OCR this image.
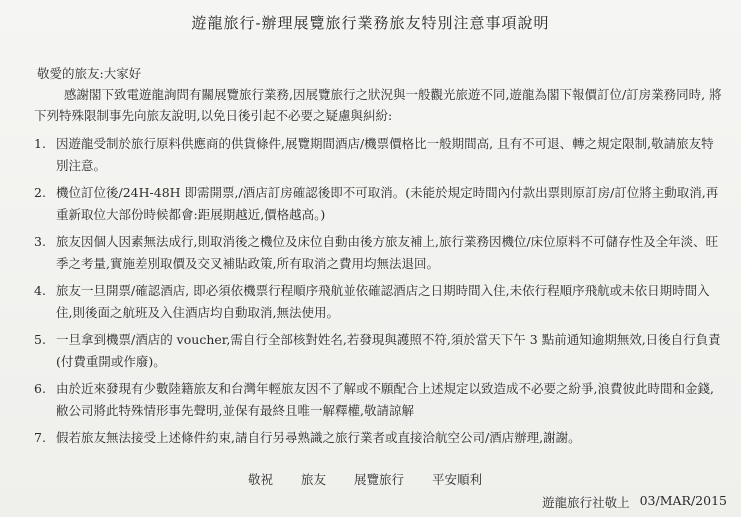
遊龍旅行-辦理展覽旅行業務旅友特別注意事項說明
敬愛的旅友:大家好
感謝閣下致電遊龍詢問有關展覽旅行業務,因展覽旅行之狀況與一般觀光旅遊不同,遊龍為閣下報價訂位/訂房業務同時, 將下列特殊限制事先向旅友說明,以免日後引起不必要之疑慮與糾紛:
1. 因遊龍受制於旅行原料供應商的供貨條件,展覽期間酒店/機票價格比一般期間高, 且有不可退、轉之規定限制,敬請旅友特別注意。
2. 機位訂位後/24H-48H 即需開票,/酒店訂房確認後即不可取消。(未能於規定時間內付款出票則原訂房/訂位將主動取消,再重新取位大部份時候都會:距展期越近,價格越高。)
3. 旅友因個人因素無法成行,則取消後之機位及床位自動由後方旅友補上,旅行業務因機位/床位原料不可儲存性及全年淡、旺季之考量,實施差別取價及交叉補貼政策,所有取消之費用均無法退回。
4. 旅友一旦開票/確認酒店, 即必須依機票行程順序飛航並依確認酒店之日期時間入住,未依行程順序飛航或未依日期時間入住,則後面之航班及入住酒店均自動取消,無法使用。
5. 一旦拿到機票/酒店的 voucher,需自行全部核對姓名,若發現與護照不符,須於當天下午 3 點前通知逾期無效,日後自行負責(付費重開或作廢)。
6. 由於近來發現有少數陸籍旅友和台灣年輕旅友因不了解或不願配合上述規定以致造成不必要之紛爭,浪費彼此時間和金錢,敝公司將此特殊情形事先聲明,並保有最終且唯一解釋權,敬請諒解
7. 假若旅友無法接受上述條件約束,請自行另尋熟識之旅行業者或直接洽航空公司/酒店辦理,謝謝。
敬祝 旅友 展覽旅行 平安順利
遊龍旅行社敬上 03/MAR/2015
